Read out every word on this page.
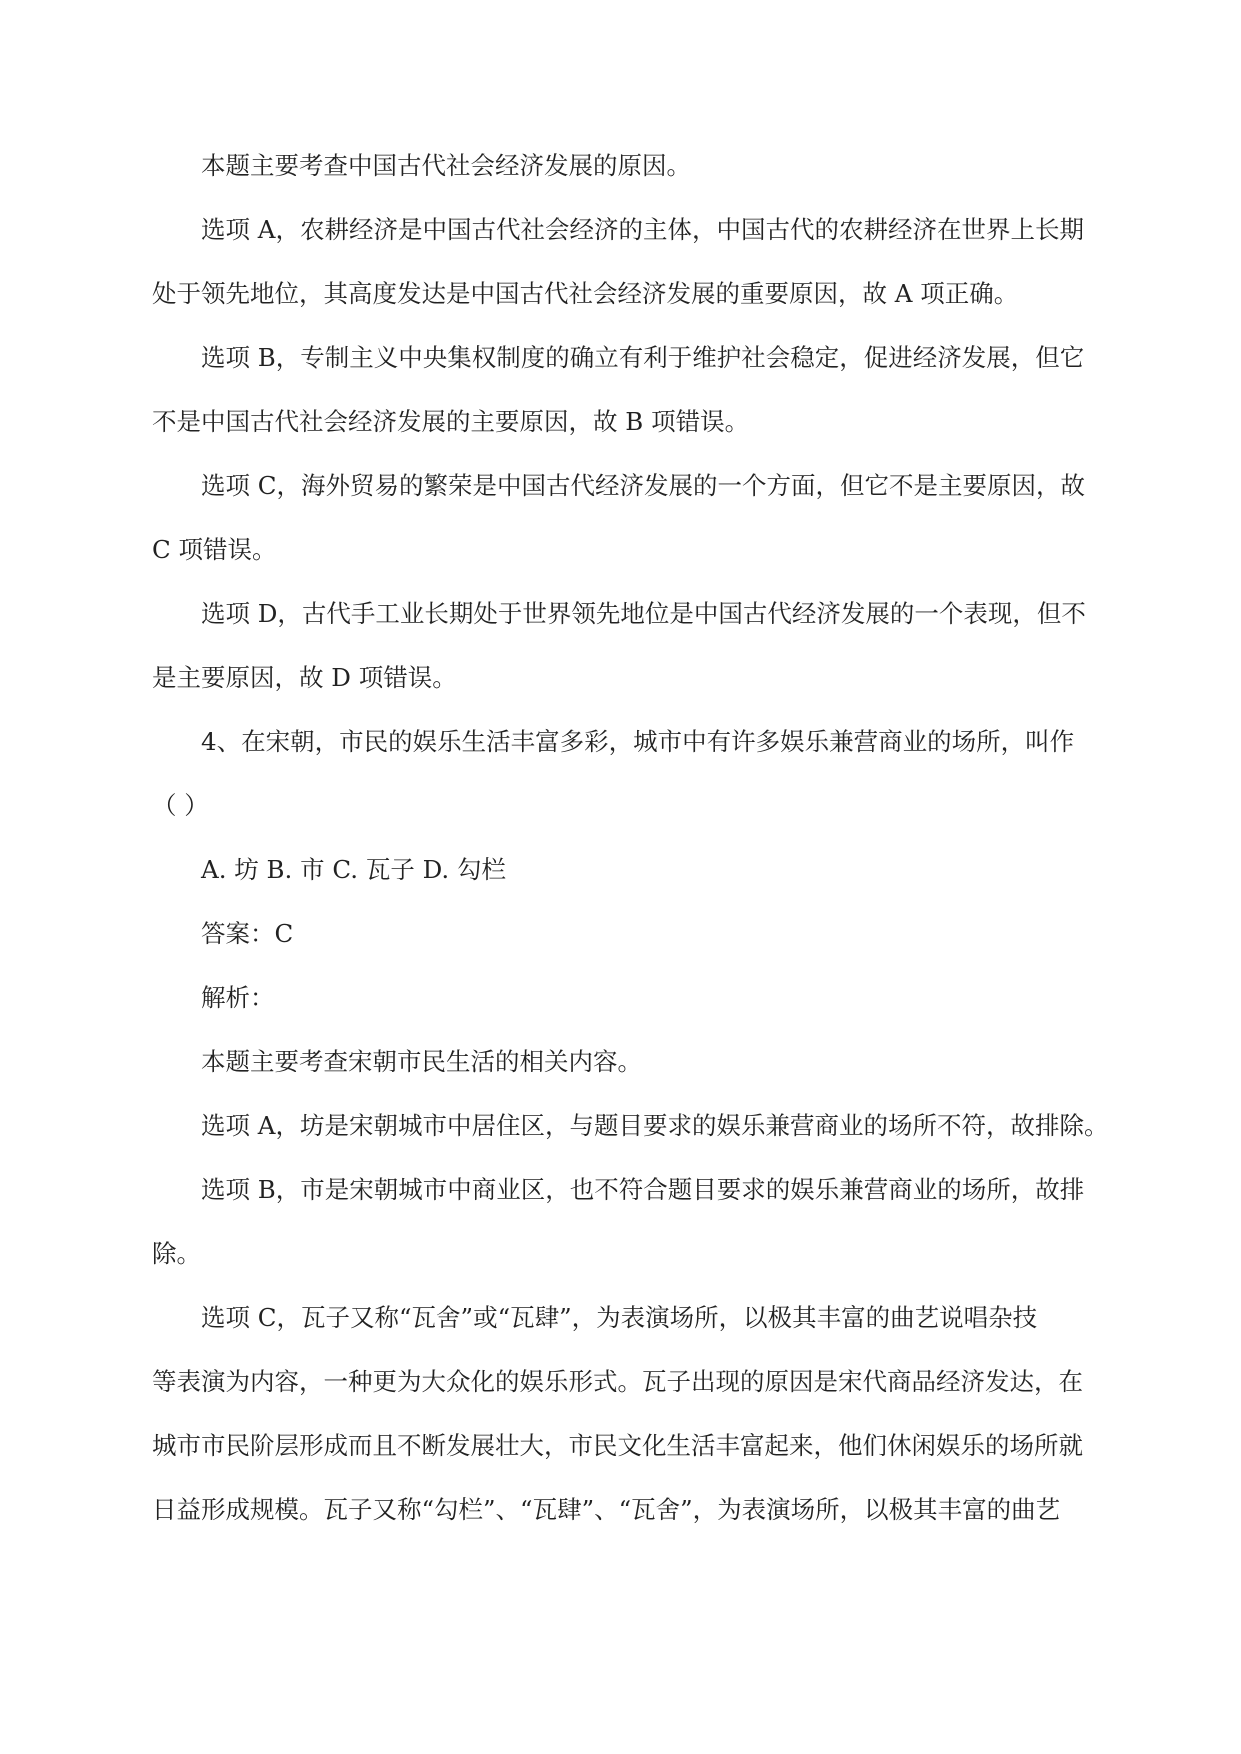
本题主要考查中国古代社会经济发展的原因。

选项 A，农耕经济是中国古代社会经济的主体，中国古代的农耕经济在世界上长期

处于领先地位，其高度发达是中国古代社会经济发展的重要原因，故 A 项正确。

选项 B，专制主义中央集权制度的确立有利于维护社会稳定，促进经济发展，但它

不是中国古代社会经济发展的主要原因，故 B 项错误。

选项 C，海外贸易的繁荣是中国古代经济发展的一个方面，但它不是主要原因，故

C 项错误。

选项 D，古代手工业长期处于世界领先地位是中国古代经济发展的一个表现，但不

是主要原因，故 D 项错误。

4、在宋朝，市民的娱乐生活丰富多彩，城市中有许多娱乐兼营商业的场所，叫作

（ ）

A. 坊 B. 市 C. 瓦子 D. 勾栏

答案：C

解析：

本题主要考查宋朝市民生活的相关内容。

选项 A，坊是宋朝城市中居住区，与题目要求的娱乐兼营商业的场所不符，故排除。

选项 B，市是宋朝城市中商业区，也不符合题目要求的娱乐兼营商业的场所，故排

除。

选项 C，瓦子又称“瓦舍”或“瓦肆”，为表演场所，以极其丰富的曲艺说唱杂技

等表演为内容，一种更为大众化的娱乐形式。瓦子出现的原因是宋代商品经济发达，在

城市市民阶层形成而且不断发展壮大，市民文化生活丰富起来，他们休闲娱乐的场所就

日益形成规模。瓦子又称“勾栏”、“瓦肆”、“瓦舍”，为表演场所，以极其丰富的曲艺
